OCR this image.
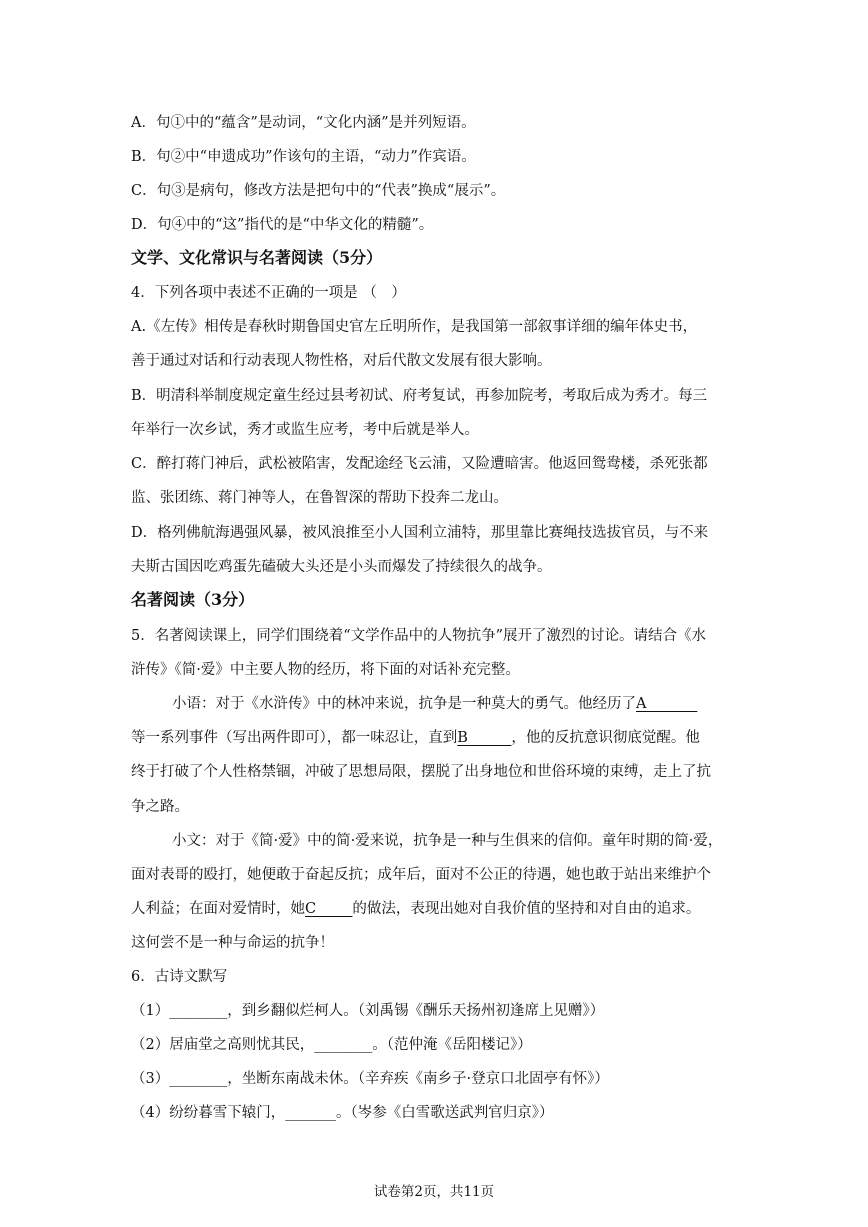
A．句①中的“蕴含”是动词，“文化内涵”是并列短语。
B．句②中“申遗成功”作该句的主语，“动力”作宾语。
C．句③是病句，修改方法是把句中的“代表”换成“展示”。
D．句④中的“这”指代的是“中华文化的精髓”。
文学、文化常识与名著阅读（5分）
4．下列各项中表述不正确的一项是 （　）
A.《左传》相传是春秋时期鲁国史官左丘明所作，是我国第一部叙事详细的编年体史书，
善于通过对话和行动表现人物性格，对后代散文发展有很大影响。
B．明清科举制度规定童生经过县考初试、府考复试，再参加院考，考取后成为秀才。每三
年举行一次乡试，秀才或监生应考，考中后就是举人。
C．醉打蒋门神后，武松被陷害，发配途经飞云浦，又险遭暗害。他返回鸳鸯楼，杀死张都
监、张团练、蒋门神等人，在鲁智深的帮助下投奔二龙山。
D．格列佛航海遇强风暴，被风浪推至小人国利立浦特，那里靠比赛绳技选拔官员，与不来
夫斯古国因吃鸡蛋先磕破大头还是小头而爆发了持续很久的战争。
名著阅读（3分）
5．名著阅读课上，同学们围绕着“文学作品中的人物抗争”展开了激烈的讨论。请结合《水
浒传》《简·爱》中主要人物的经历，将下面的对话补充完整。
小语：对于《水浒传》中的林冲来说，抗争是一种莫大的勇气。他经历了A_______
等一系列事件（写出两件即可），都一味忍让，直到B______，他的反抗意识彻底觉醒。他
终于打破了个人性格禁锢，冲破了思想局限，摆脱了出身地位和世俗环境的束缚，走上了抗
争之路。
小文：对于《简·爱》中的简·爱来说，抗争是一种与生俱来的信仰。童年时期的简·爱，
面对表哥的殴打，她便敢于奋起反抗；成年后，面对不公正的待遇，她也敢于站出来维护个
人利益；在面对爱情时，她C_____的做法，表现出她对自我价值的坚持和对自由的追求。
这何尝不是一种与命运的抗争！
6．古诗文默写
（1）________，到乡翻似烂柯人。（刘禹锡《酬乐天扬州初逢席上见赠》）
（2）居庙堂之高则忧其民，________。（范仲淹《岳阳楼记》）
（3）________，坐断东南战未休。（辛弃疾《南乡子·登京口北固亭有怀》）
（4）纷纷暮雪下辕门，_______。（岑参《白雪歌送武判官归京》）
试卷第2页，共11页
